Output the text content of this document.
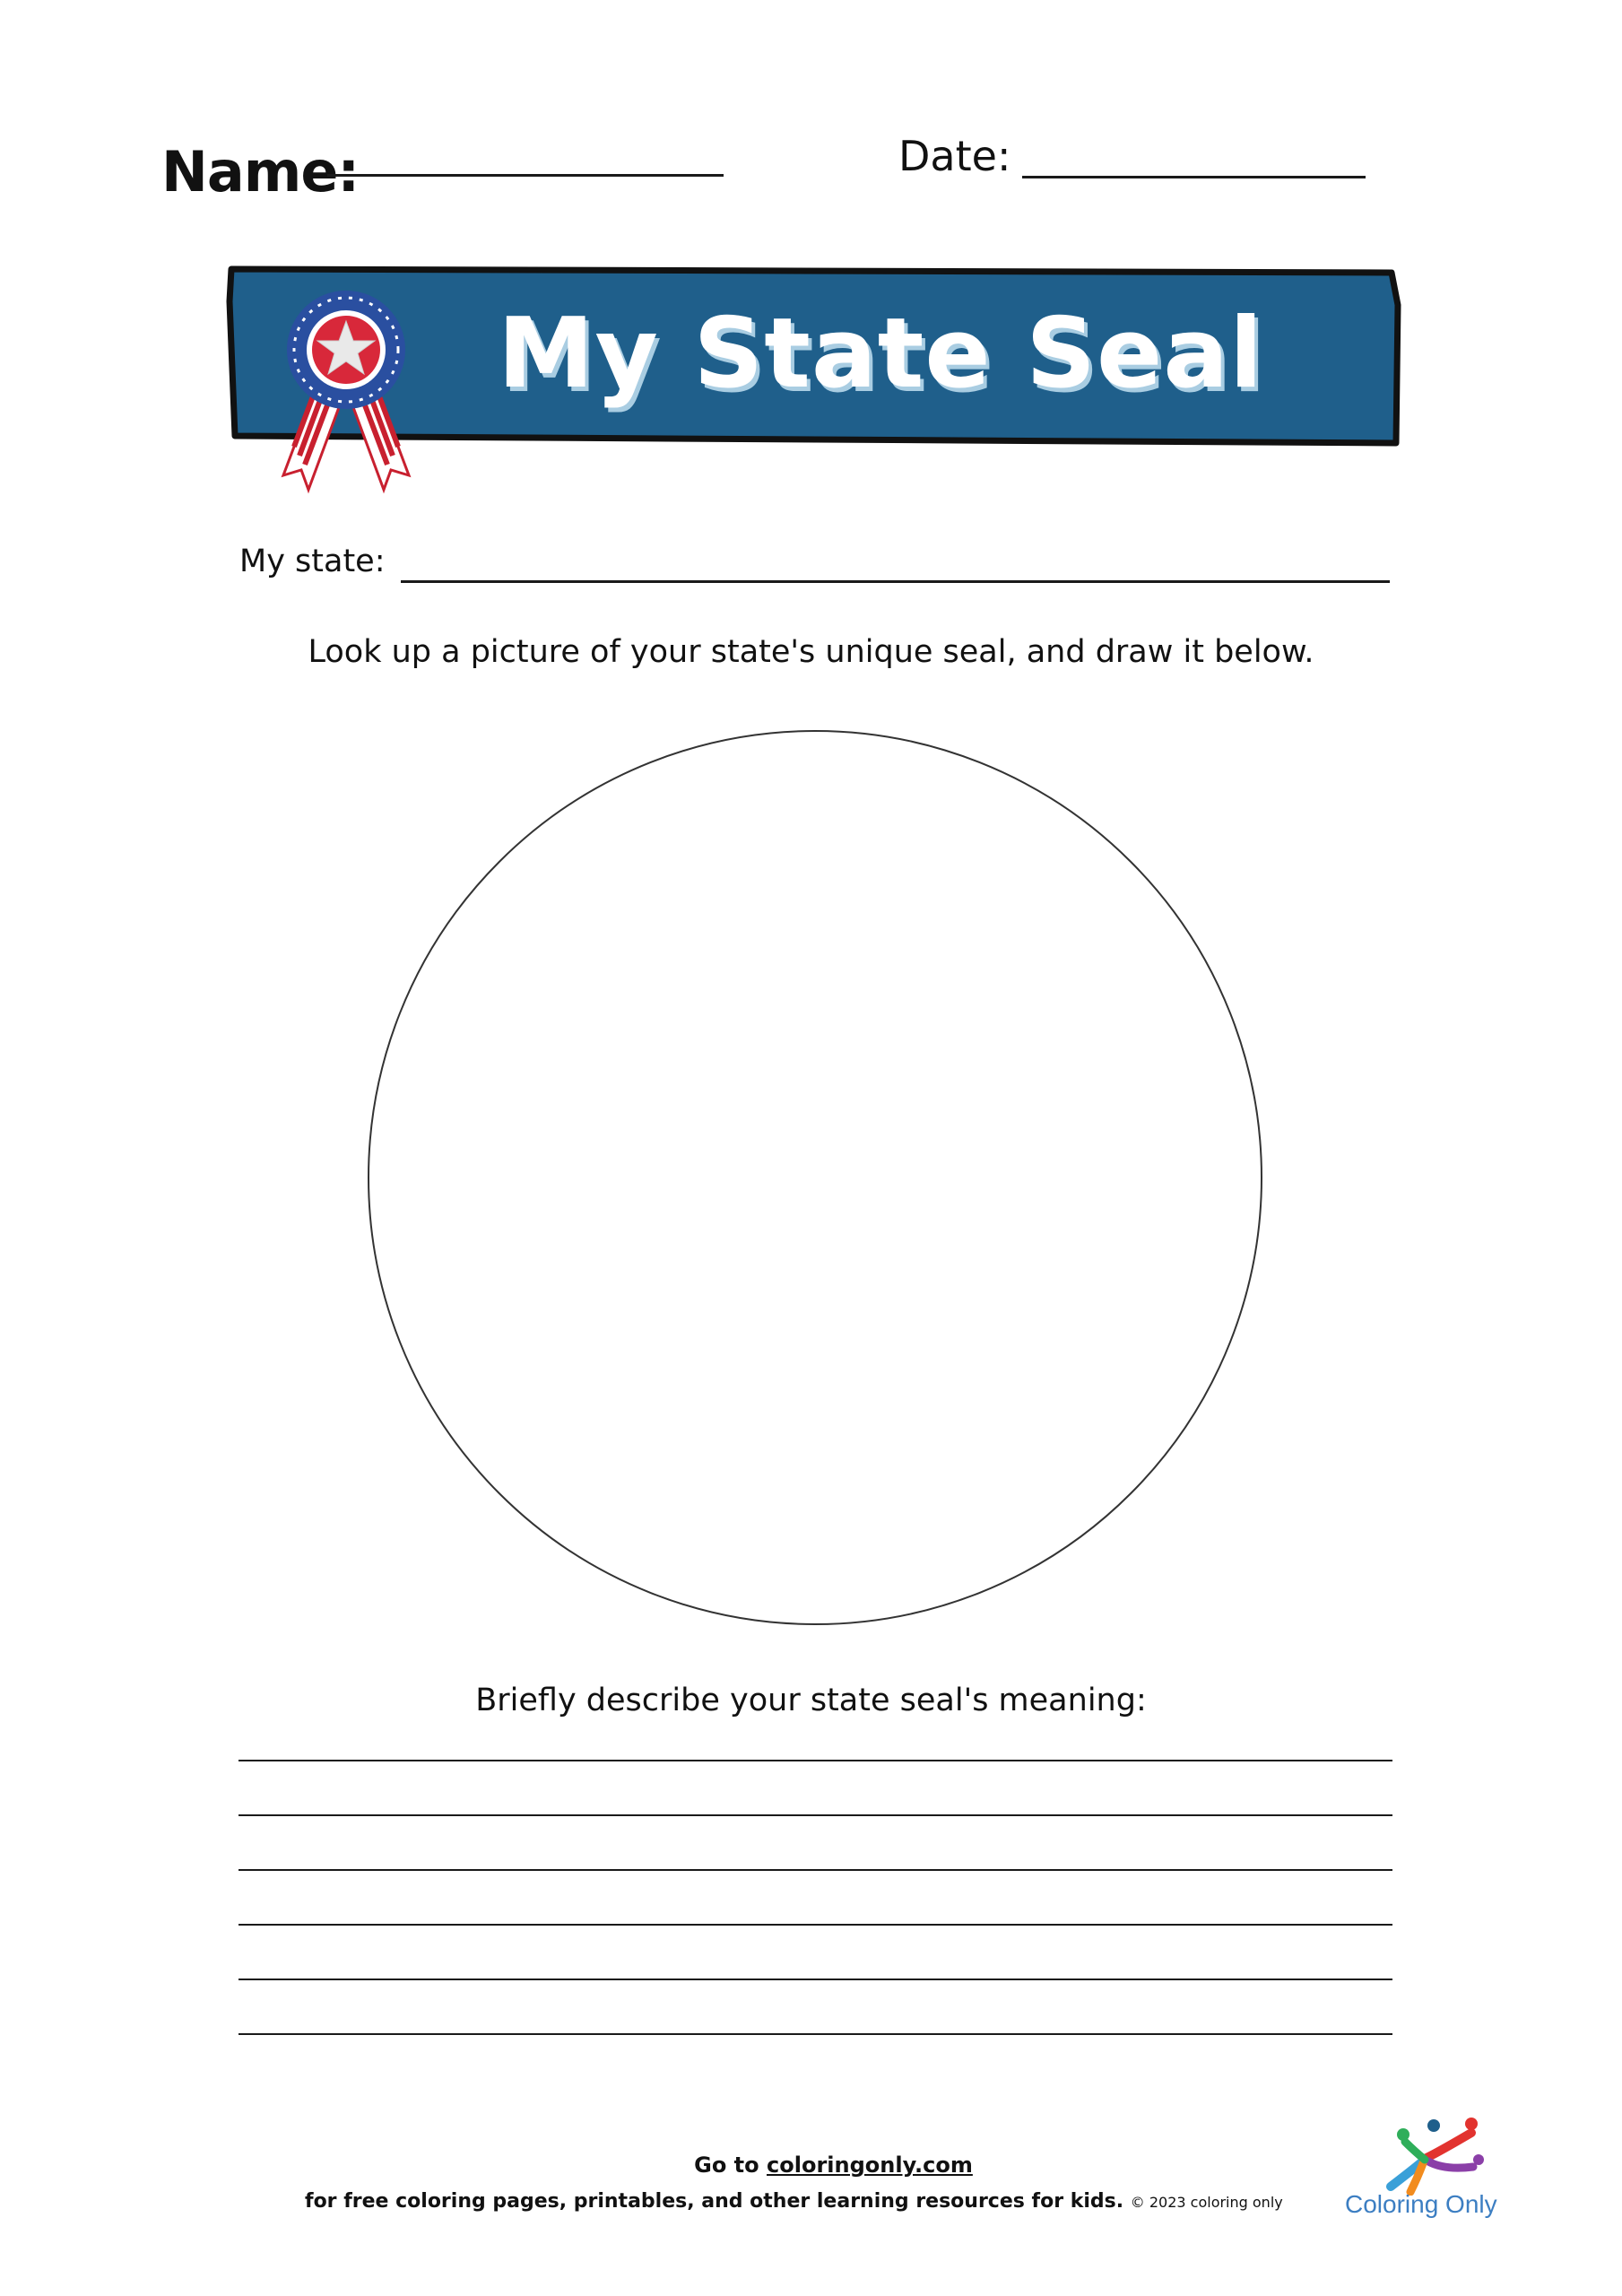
Name:	Date:
My State Seal
My state:
Look up a picture of your state's unique seal, and draw it below.
Briefly describe your state seal's meaning:
Go to coloringonly.com
for free coloring pages, printables, and other learning resources for kids. © 2023 coloring only Coloring Only
